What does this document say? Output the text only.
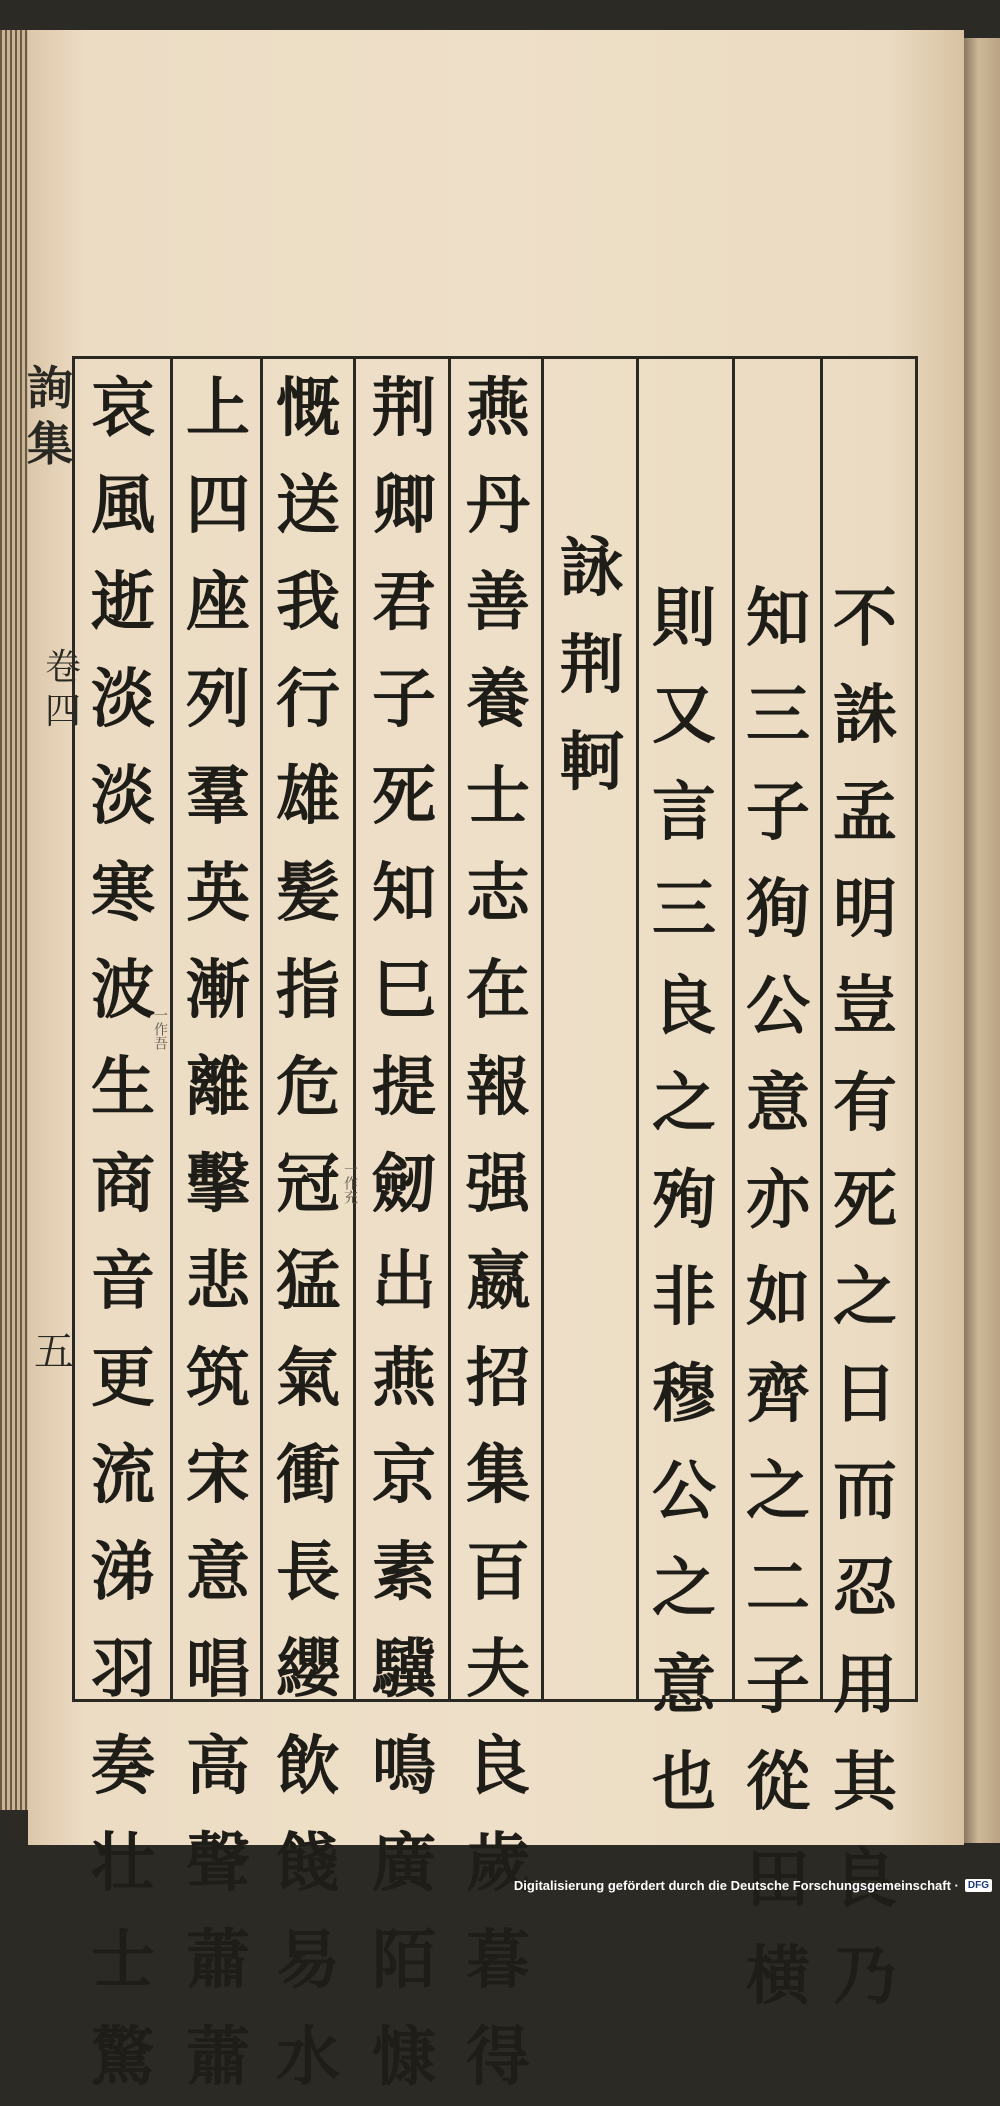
不
誅
孟
明
豈
有
死
之
日
而
忍
用
其
良
乃
知
三
子
狥
公
意
亦
如
齊
之
二
子
從
田
横
則
又
言
三
良
之
殉
非
穆
公
之
意
也
詠
荆
軻
燕
丹
善
養
士
志
在
報
强
嬴
招
集
百
夫
良
歲
暮
得
荆
卿
君
子
死
知
巳
提
劒
出
燕
京
素
驥
鳴
廣
陌
慷
慨
送
我
行
雄
髪
指
危
冠
猛
氣
衝
長
纓
飲
餞
易
水
上
四
座
列
羣
英
漸
離
擊
悲
筑
宋
意
唱
高
聲
蕭
蕭
哀
風
逝
淡
淡
寒
波
生
商
音
更
流
涕
羽
奏
壮
士
驚
一作充
一作吾
詢
集
卷
四
五
Digitalisierung gefördert durch die Deutsche Forschungsgemeinschaft · DFG
